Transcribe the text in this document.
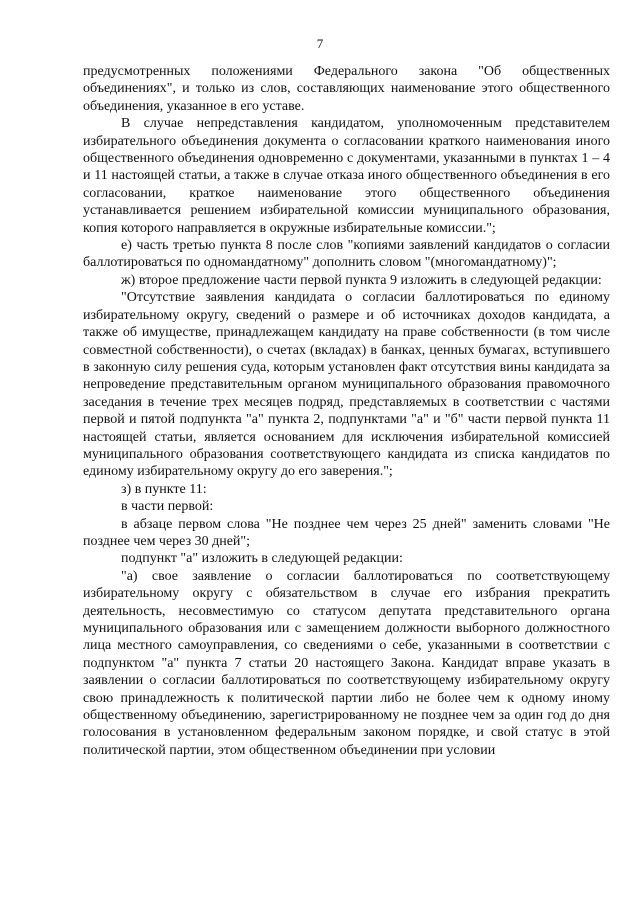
7

предусмотренных положениями Федерального закона "Об общественных объединениях", и только из слов, составляющих наименование этого общественного объединения, указанное в его уставе.

В случае непредставления кандидатом, уполномоченным представителем избирательного объединения документа о согласовании краткого наименования иного общественного объединения одновременно с документами, указанными в пунктах 1 – 4 и 11 настоящей статьи, а также в случае отказа иного общественного объединения в его согласовании, краткое наименование этого общественного объединения устанавливается решением избирательной комиссии муниципального образования, копия которого направляется в окружные избирательные комиссии.";

е) часть третью пункта 8 после слов "копиями заявлений кандидатов о согласии баллотироваться по одномандатному" дополнить словом "(многомандатному)";

ж) второе предложение части первой пункта 9 изложить в следующей редакции:

"Отсутствие заявления кандидата о согласии баллотироваться по единому избирательному округу, сведений о размере и об источниках доходов кандидата, а также об имуществе, принадлежащем кандидату на праве собственности (в том числе совместной собственности), о счетах (вкладах) в банках, ценных бумагах, вступившего в законную силу решения суда, которым установлен факт отсутствия вины кандидата за непроведение представительным органом муниципального образования правомочного заседания в течение трех месяцев подряд, представляемых в соответствии с частями первой и пятой подпункта "а" пункта 2, подпунктами "а" и "б" части первой пункта 11 настоящей статьи, является основанием для исключения избирательной комиссией муниципального образования соответствующего кандидата из списка кандидатов по единому избирательному округу до его заверения.";

з) в пункте 11:

в части первой:

в абзаце первом слова "Не позднее чем через 25 дней" заменить словами "Не позднее чем через 30 дней";

подпункт "а" изложить в следующей редакции:

"а) свое заявление о согласии баллотироваться по соответствующему избирательному округу с обязательством в случае его избрания прекратить деятельность, несовместимую со статусом депутата представительного органа муниципального образования или с замещением должности выборного должностного лица местного самоуправления, со сведениями о себе, указанными в соответствии с подпунктом "а" пункта 7 статьи 20 настоящего Закона. Кандидат вправе указать в заявлении о согласии баллотироваться по соответствующему избирательному округу свою принадлежность к политической партии либо не более чем к одному иному общественному объединению, зарегистрированному не позднее чем за один год до дня голосования в установленном федеральным законом порядке, и свой статус в этой политической партии, этом общественном объединении при условии
